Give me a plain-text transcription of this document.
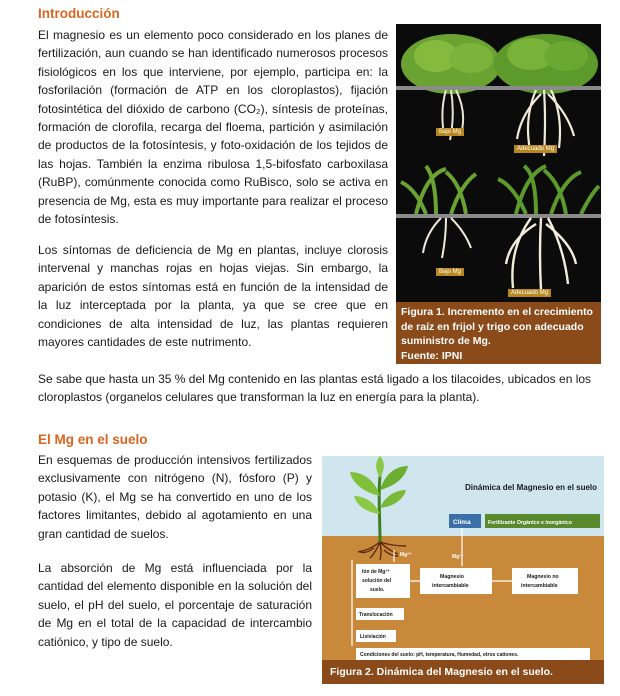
Introducción
El magnesio es un elemento poco considerado en los planes de fertilización, aun cuando se han identificado numerosos procesos fisiológicos en los que interviene, por ejemplo, participa en: la fosforilación (formación de ATP en los cloroplastos), fijación fotosintética del dióxido de carbono (CO₂), síntesis de proteínas, formación de clorofila, recarga del floema, partición y asimilación de productos de la fotosíntesis, y foto-oxidación de los tejidos de las hojas. También la enzima ribulosa 1,5-bifosfato carboxilasa (RuBP), comúnmente conocida como RuBisco, solo se activa en presencia de Mg, esta es muy importante para realizar el proceso de fotosíntesis.
Los síntomas de deficiencia de Mg en plantas, incluye clorosis intervenal y manchas rojas en hojas viejas. Sin embargo, la aparición de estos síntomas está en función de la intensidad de la luz interceptada por la planta, ya que se cree que en condiciones de alta intensidad de luz, las plantas requieren mayores cantidades de este nutrimento.
Se sabe que hasta un 35 % del Mg contenido en las plantas está ligado a los tilacoides, ubicados en los cloroplastos (organelos celulares que transforman la luz en energía para la planta).
Bajo Mg
Adecuado Mg
Bajo Mg
Adecuado Mg
Figura 1. Incremento en el crecimiento de raíz en frijol y trigo con adecuado suministro de Mg.
Fuente: IPNI
El Mg en el suelo
En esquemas de producción intensivos fertilizados exclusivamente con nitrógeno (N), fósforo (P) y potasio (K), el Mg se ha convertido en uno de los factores limitantes, debido al agotamiento en una gran cantidad de suelos.
La absorción de Mg está influenciada por la cantidad del elemento disponible en la solución del suelo, el pH del suelo, el porcentaje de saturación de Mg en el total de la capacidad de intercambio catiónico, y tipo de suelo.
Dinámica del Magnesio en el suelo
Clima	Fertilizante Orgánico e inorgánico
Mg²⁺	Mg²⁺
Ión de Mg²⁺
solución del
suelo.
Magnesio
intercambiable
Magnesio no
intercambiable
Translocación
Lixiviación
Condiciones del suelo: pH, temperatura, Humedad, otros cationes.
Figura 2. Dinámica del Magnesio en el suelo.
